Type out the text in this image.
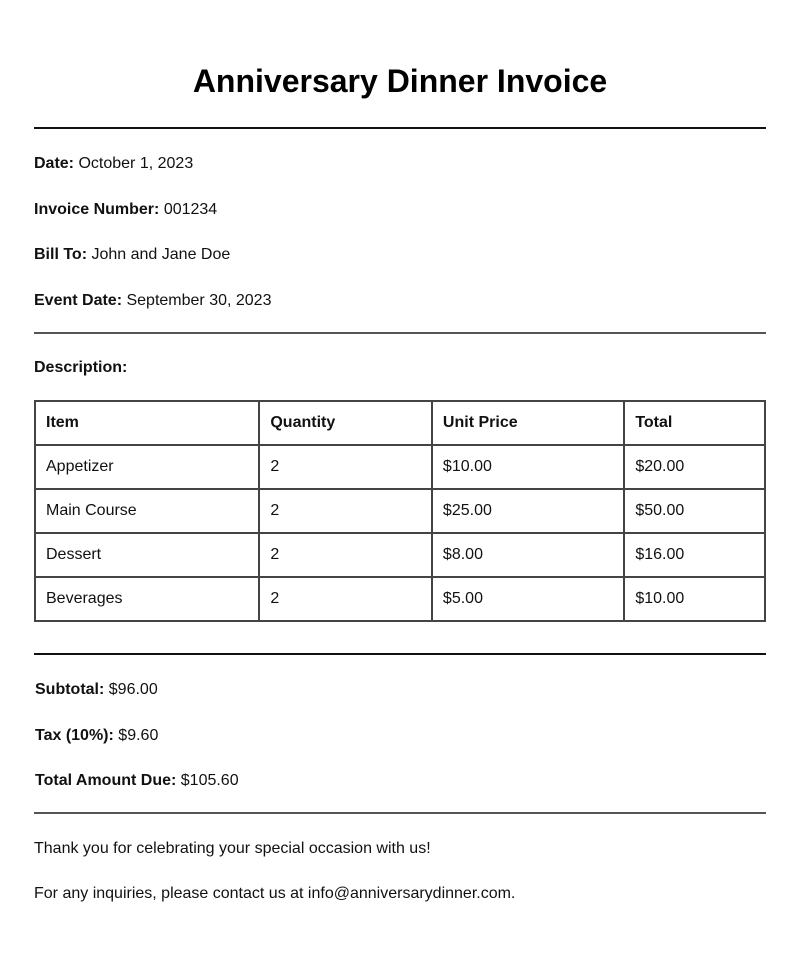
Anniversary Dinner Invoice
Date: October 1, 2023
Invoice Number: 001234
Bill To: John and Jane Doe
Event Date: September 30, 2023
Description:
Item	Quantity	Unit Price	Total
Appetizer	2	$10.00	$20.00
Main Course	2	$25.00	$50.00
Dessert	2	$8.00	$16.00
Beverages	2	$5.00	$10.00
Subtotal: $96.00
Tax (10%): $9.60
Total Amount Due: $105.60
Thank you for celebrating your special occasion with us!
For any inquiries, please contact us at info@anniversarydinner.com.
